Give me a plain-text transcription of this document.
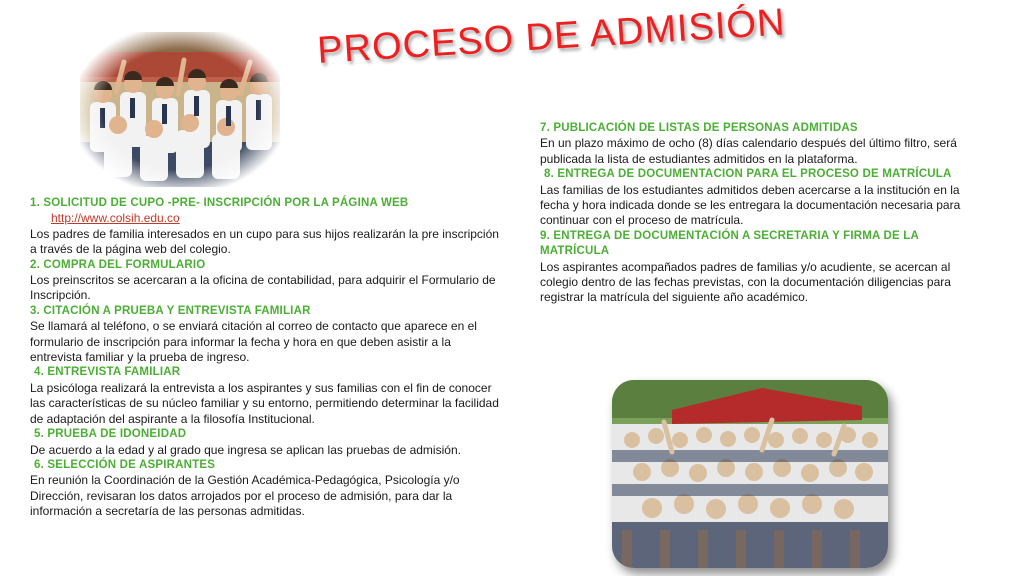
PROCESO DE ADMISIÓN

1. SOLICITUD DE CUPO -PRE- INSCRIPCIÓN POR LA PÁGINA WEB

http://www.colsih.edu.co

Los padres de familia interesados en un cupo para sus hijos realizarán la pre inscripción a través de la página web del colegio.

2. COMPRA DEL FORMULARIO

Los preinscritos se acercaran a la oficina de contabilidad, para adquirir el Formulario de Inscripción.

3. CITACIÓN A PRUEBA Y ENTREVISTA FAMILIAR

Se llamará al teléfono, o se enviará citación al correo de contacto que aparece en el formulario de inscripción para informar la fecha y hora en que deben asistir a la entrevista familiar y la prueba de ingreso.

4. ENTREVISTA FAMILIAR

La psicóloga realizará la entrevista a los aspirantes y sus familias con el fin de conocer las características de su núcleo familiar y su entorno, permitiendo determinar la facilidad de adaptación del aspirante a la filosofía Institucional.

5. PRUEBA DE IDONEIDAD

De acuerdo a la edad y al grado que ingresa se aplican las pruebas de admisión.

6. SELECCIÓN DE ASPIRANTES

En reunión la Coordinación de la Gestión Académica-Pedagógica, Psicología y/o Dirección, revisaran los datos arrojados por el proceso de admisión, para dar la información a secretaría de las personas admitidas.

7. PUBLICACIÓN DE LISTAS DE PERSONAS ADMITIDAS

En un plazo máximo de ocho (8) días calendario después del último filtro, será publicada la lista de estudiantes admitidos en la plataforma.

8. ENTREGA DE DOCUMENTACION PARA EL PROCESO DE MATRÍCULA

Las familias de los estudiantes admitidos deben acercarse a la institución en la fecha y hora indicada donde se les entregara la documentación necesaria para continuar con el proceso de matrícula.

9. ENTREGA DE DOCUMENTACIÓN A SECRETARIA Y FIRMA DE LA MATRÍCULA

Los aspirantes acompañados padres de familias y/o acudiente, se acercan al colegio dentro de las fechas previstas, con la documentación diligencias para registrar la matrícula del siguiente año académico.
